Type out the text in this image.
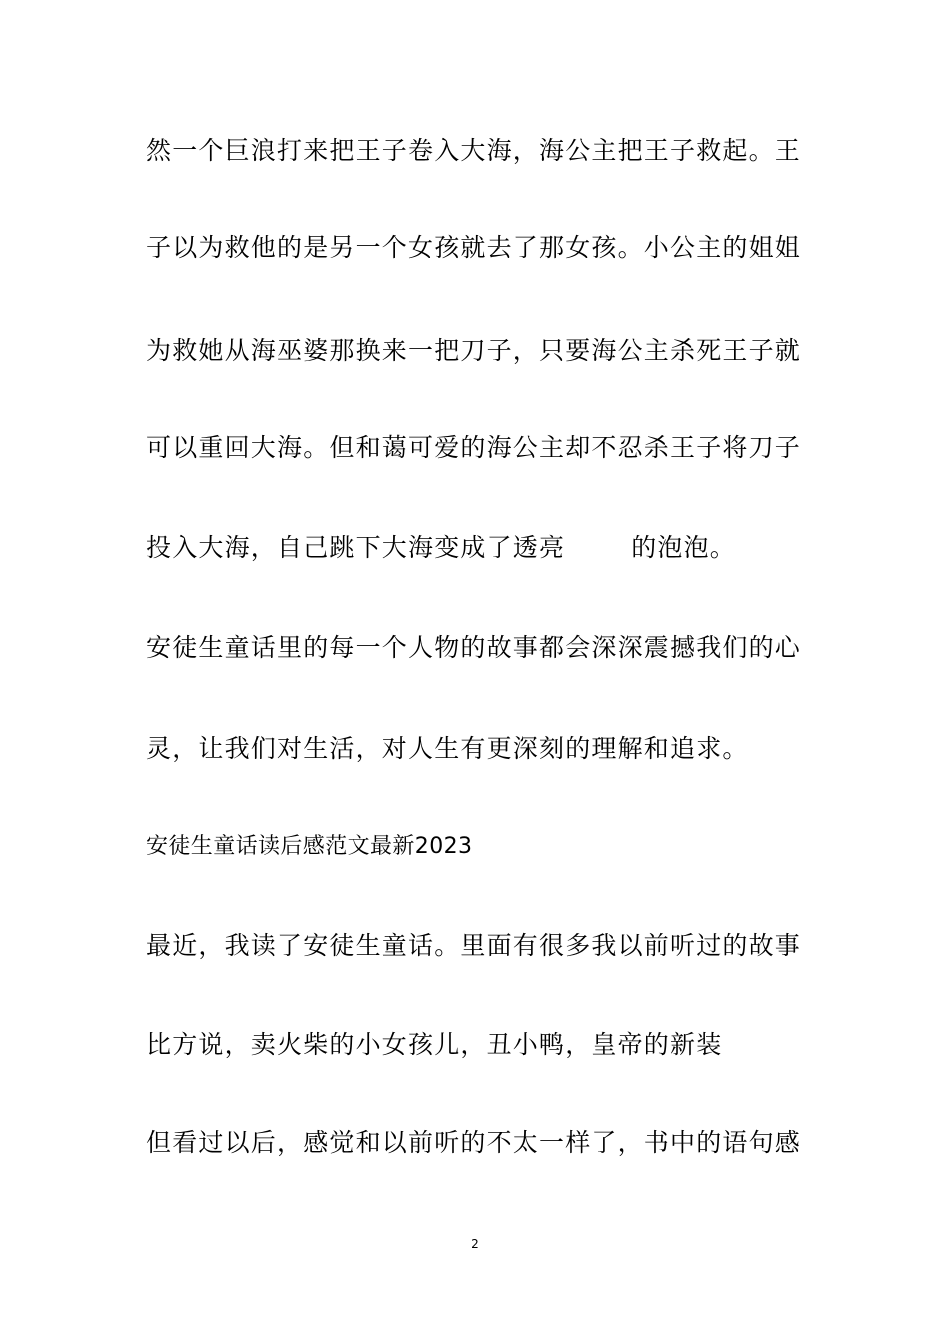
然一个巨浪打来把王子卷入大海，海公主把王子救起。王
子以为救他的是另一个女孩就去了那女孩。小公主的姐姐
为救她从海巫婆那换来一把刀子，只要海公主杀死王子就
可以重回大海。但和蔼可爱的海公主却不忍杀王子将刀子
投入大海，自己跳下大海变成了透亮	的泡泡。
安徒生童话里的每一个人物的故事都会深深震撼我们的心
灵，让我们对生活，对人生有更深刻的理解和追求。
安徒生童话读后感范文最新2023
最近，我读了安徒生童话。里面有很多我以前听过的故事
比方说，卖火柴的小女孩儿，丑小鸭，皇帝的新装
但看过以后，感觉和以前听的不太一样了，书中的语句感
2
